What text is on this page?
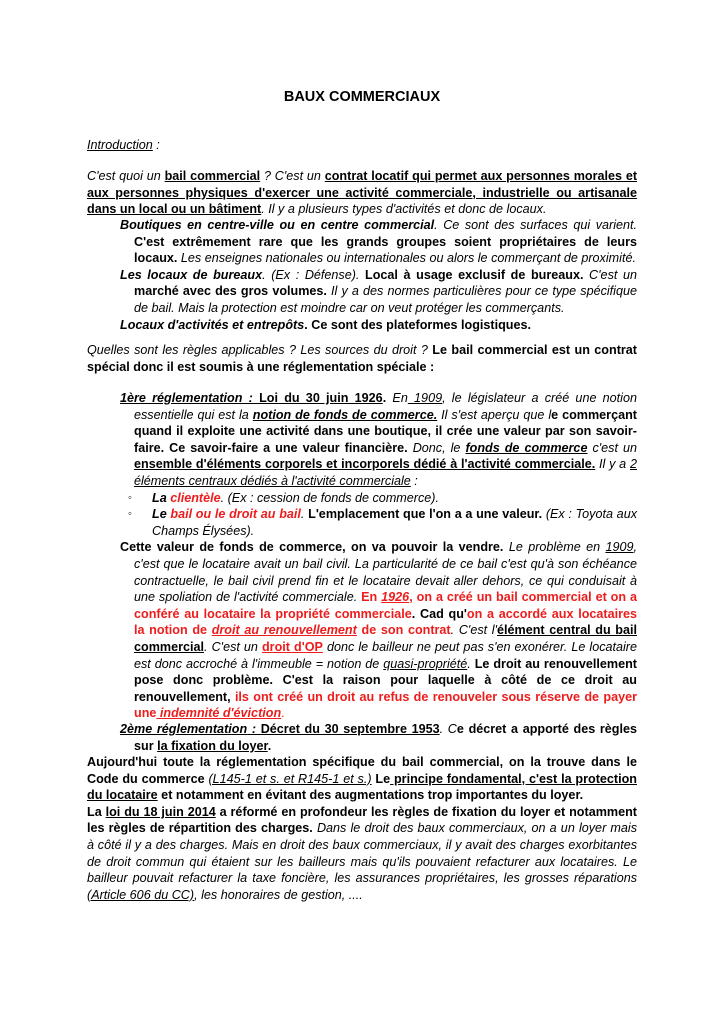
BAUX COMMERCIAUX
Introduction :

C'est quoi un bail commercial ? C'est un contrat locatif qui permet aux personnes morales et aux personnes physiques d'exercer une activité commerciale, industrielle ou artisanale dans un local ou un bâtiment. Il y a plusieurs types d'activités et donc de locaux.

Boutiques en centre-ville ou en centre commercial. Ce sont des surfaces qui varient. C'est extrêmement rare que les grands groupes soient propriétaires de leurs locaux. Les enseignes nationales ou internationales ou alors le commerçant de proximité.

Les locaux de bureaux. (Ex : Défense). Local à usage exclusif de bureaux. C'est un marché avec des gros volumes. Il y a des normes particulières pour ce type spécifique de bail. Mais la protection est moindre car on veut protéger les commerçants.

Locaux d'activités et entrepôts. Ce sont des plateformes logistiques.

Quelles sont les règles applicables ? Les sources du droit ? Le bail commercial est un contrat spécial donc il est soumis à une réglementation spéciale :

1ère réglementation : Loi du 30 juin 1926. En 1909, le législateur a créé une notion essentielle qui est la notion de fonds de commerce. Il s'est aperçu que le commerçant quand il exploite une activité dans une boutique, il crée une valeur par son savoir-faire. Ce savoir-faire a une valeur financière. Donc, le fonds de commerce c'est un ensemble d'éléments corporels et incorporels dédié à l'activité commerciale. Il y a 2 éléments centraux dédiés à l'activité commerciale :

◦	La clientèle. (Ex : cession de fonds de commerce).
◦	Le bail ou le droit au bail. L'emplacement que l'on a a une valeur. (Ex : Toyota aux Champs Élysées).

Cette valeur de fonds de commerce, on va pouvoir la vendre. Le problème en 1909, c'est que le locataire avait un bail civil. La particularité de ce bail c'est qu'à son échéance contractuelle, le bail civil prend fin et le locataire devait aller dehors, ce qui conduisait à une spoliation de l'activité commerciale. En 1926, on a créé un bail commercial et on a conféré au locataire la propriété commerciale. Cad qu'on a accordé aux locataires la notion de droit au renouvellement de son contrat. C'est l'élément central du bail commercial. C'est un droit d'OP donc le bailleur ne peut pas s'en exonérer. Le locataire est donc accroché à l'immeuble = notion de quasi-propriété. Le droit au renouvellement pose donc problème. C'est la raison pour laquelle à côté de ce droit au renouvellement, ils ont créé un droit au refus de renouveler sous réserve de payer une indemnité d'éviction.

2ème réglementation : Décret du 30 septembre 1953. Ce décret a apporté des règles sur la fixation du loyer.

Aujourd'hui toute la réglementation spécifique du bail commercial, on la trouve dans le Code du commerce (L145-1 et s. et R145-1 et s.) Le principe fondamental, c'est la protection du locataire et notamment en évitant des augmentations trop importantes du loyer.

La loi du 18 juin 2014 a réformé en profondeur les règles de fixation du loyer et notamment les règles de répartition des charges. Dans le droit des baux commerciaux, on a un loyer mais à côté il y a des charges. Mais en droit des baux commerciaux, il y avait des charges exorbitantes de droit commun qui étaient sur les bailleurs mais qu'ils pouvaient refacturer aux locataires. Le bailleur pouvait refacturer la taxe foncière, les assurances propriétaires, les grosses réparations (Article 606 du CC), les honoraires de gestion, ....
